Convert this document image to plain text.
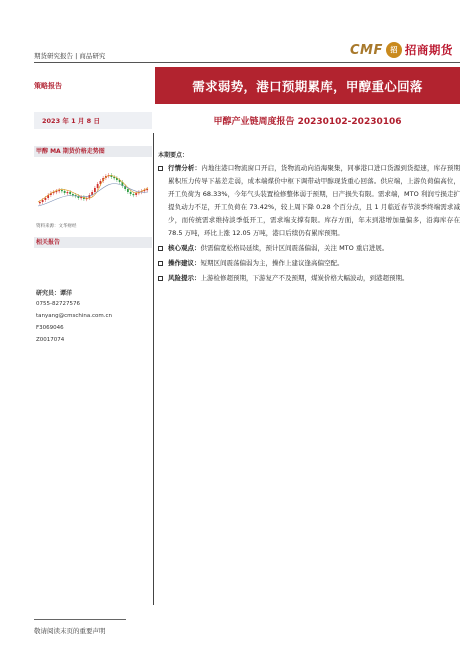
期货研究报告 | 商品研究	CMF	招 招商期货
策略报告	需求弱势，港口预期累库，甲醇重心回落
2023 年 1 月 8 日	甲醇产业链周度报告 20230102-20230106
甲醇 MA 期货价格走势图
资料来源：文华财经
相关报告
研究员：谭洋
0755-82727576
tanyang@cmschina.com.cn
F3069046
Z0017074
本期要点：
行情分析：内地往港口物流窗口开启，货物流动向沿海聚集，同事港口进口货源到货提速，库存预期累积压力传导下基差走弱，成本端煤价中枢下调带动甲醇现货重心回落。供应端，上游负荷偏高位，开工负荷为 68.33%，今年气头装置检修整体弱于预期，日产损失有限。需求端，MTO 利润亏损走扩提负动力不足，开工负荷在 73.42%，较上周下降 0.28 个百分点，且 1 月临近春节淡季终端需求减少，而传统需求维持淡季低开工，需求端支撑有限。库存方面，年末到港增加量偏多，沿海库存在 78.5 万吨，环比上涨 12.05 万吨，港口后续仍有累库预期。
核心观点：供需偏宽松格局延续，预计区间震荡偏弱，关注 MTO 重启进展。
操作建议：短期区间震荡偏弱为主，操作上建议逢高偏空配。
风险提示：上游检修超预期，下游复产不及预期，煤炭价格大幅波动，到港超预期。
敬请阅读末页的重要声明
